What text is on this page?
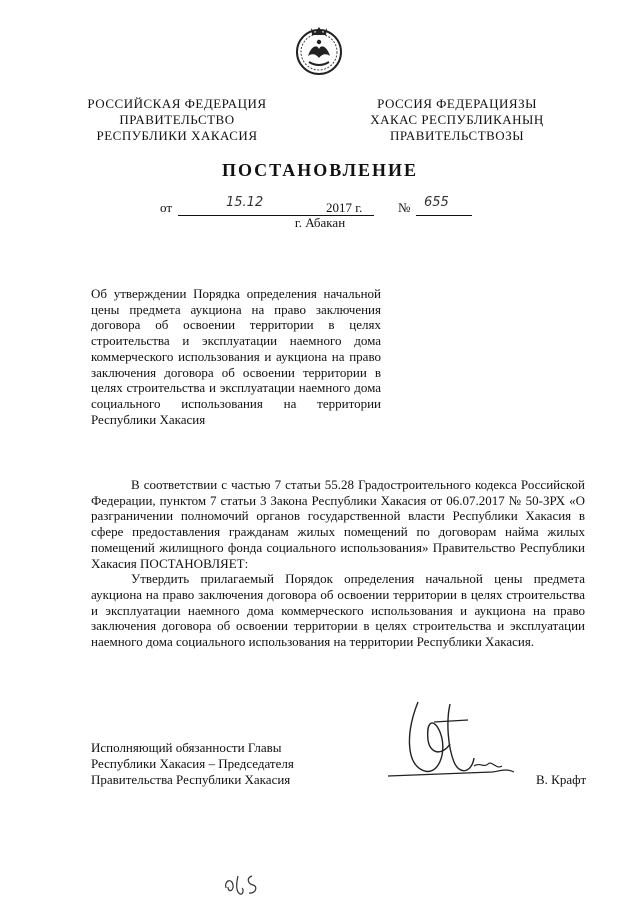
РОССИЙСКАЯ ФЕДЕРАЦИЯ
ПРАВИТЕЛЬСТВО
РЕСПУБЛИКИ ХАКАСИЯ
РОССИЯ ФЕДЕРАЦИЯЗЫ
ХАКАС РЕСПУБЛИКАНЫҢ
ПРАВИТЕЛЬСТВОЗЫ
ПОСТАНОВЛЕНИЕ
от	15.12	2017 г.	№ 655
г. Абакан
Об утверждении Порядка определения начальной цены предмета аукциона на право заключения договора об освоении территории в целях строительства и эксплуатации наемного дома коммерческого использования и аукциона на право заключения договора об освоении территории в целях строительства и эксплуатации наемного дома социального использования на территории Республики Хакасия

В соответствии с частью 7 статьи 55.28 Градостроительного кодекса Российской Федерации, пунктом 7 статьи 3 Закона Республики Хакасия от 06.07.2017 № 50-ЗРХ «О разграничении полномочий органов государственной власти Республики Хакасия в сфере предоставления гражданам жилых помещений по договорам найма жилых помещений жилищного фонда социального использования» Правительство Республики Хакасия ПОСТАНОВЛЯЕТ:

Утвердить прилагаемый Порядок определения начальной цены предмета аукциона на право заключения договора об освоении территории в целях строительства и эксплуатации наемного дома коммерческого использования и аукциона на право заключения договора об освоении территории в целях строительства и эксплуатации наемного дома социального использования на территории Республики Хакасия.

Исполняющий обязанности Главы
Республики Хакасия – Председателя
Правительства Республики Хакасия	В. Крафт
